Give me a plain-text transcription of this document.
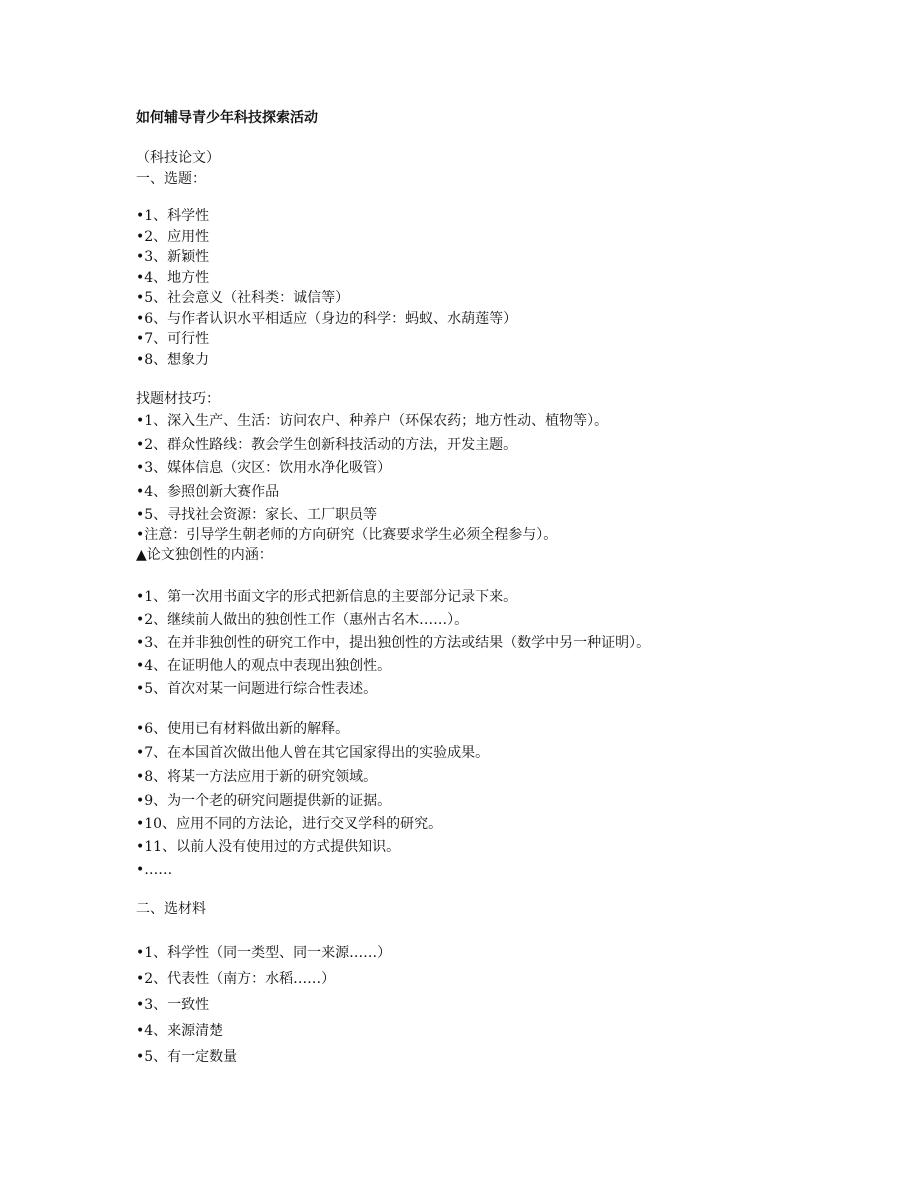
如何辅导青少年科技探索活动
（科技论文）
一、选题：
•1、科学性
•2、应用性
•3、新颖性
•4、地方性
•5、社会意义（社科类：诚信等）
•6、与作者认识水平相适应（身边的科学：蚂蚁、水葫莲等）
•7、可行性
•8、想象力
找题材技巧：
•1、深入生产、生活：访问农户、种养户（环保农药；地方性动、植物等）。
•2、群众性路线：教会学生创新科技活动的方法，开发主题。
•3、媒体信息（灾区：饮用水净化吸管）
•4、参照创新大赛作品
•5、寻找社会资源：家长、工厂职员等
•注意：引导学生朝老师的方向研究（比赛要求学生必须全程参与）。
▲论文独创性的内涵：
•1、第一次用书面文字的形式把新信息的主要部分记录下来。
•2、继续前人做出的独创性工作（惠州古名木……）。
•3、在并非独创性的研究工作中，提出独创性的方法或结果（数学中另一种证明）。
•4、在证明他人的观点中表现出独创性。
•5、首次对某一问题进行综合性表述。
•6、使用已有材料做出新的解释。
•7、在本国首次做出他人曾在其它国家得出的实验成果。
•8、将某一方法应用于新的研究领域。
•9、为一个老的研究问题提供新的证据。
•10、应用不同的方法论，进行交叉学科的研究。
•11、以前人没有使用过的方式提供知识。
•……
二、选材料
•1、科学性（同一类型、同一来源……）
•2、代表性（南方：水稻……）
•3、一致性
•4、来源清楚
•5、有一定数量
